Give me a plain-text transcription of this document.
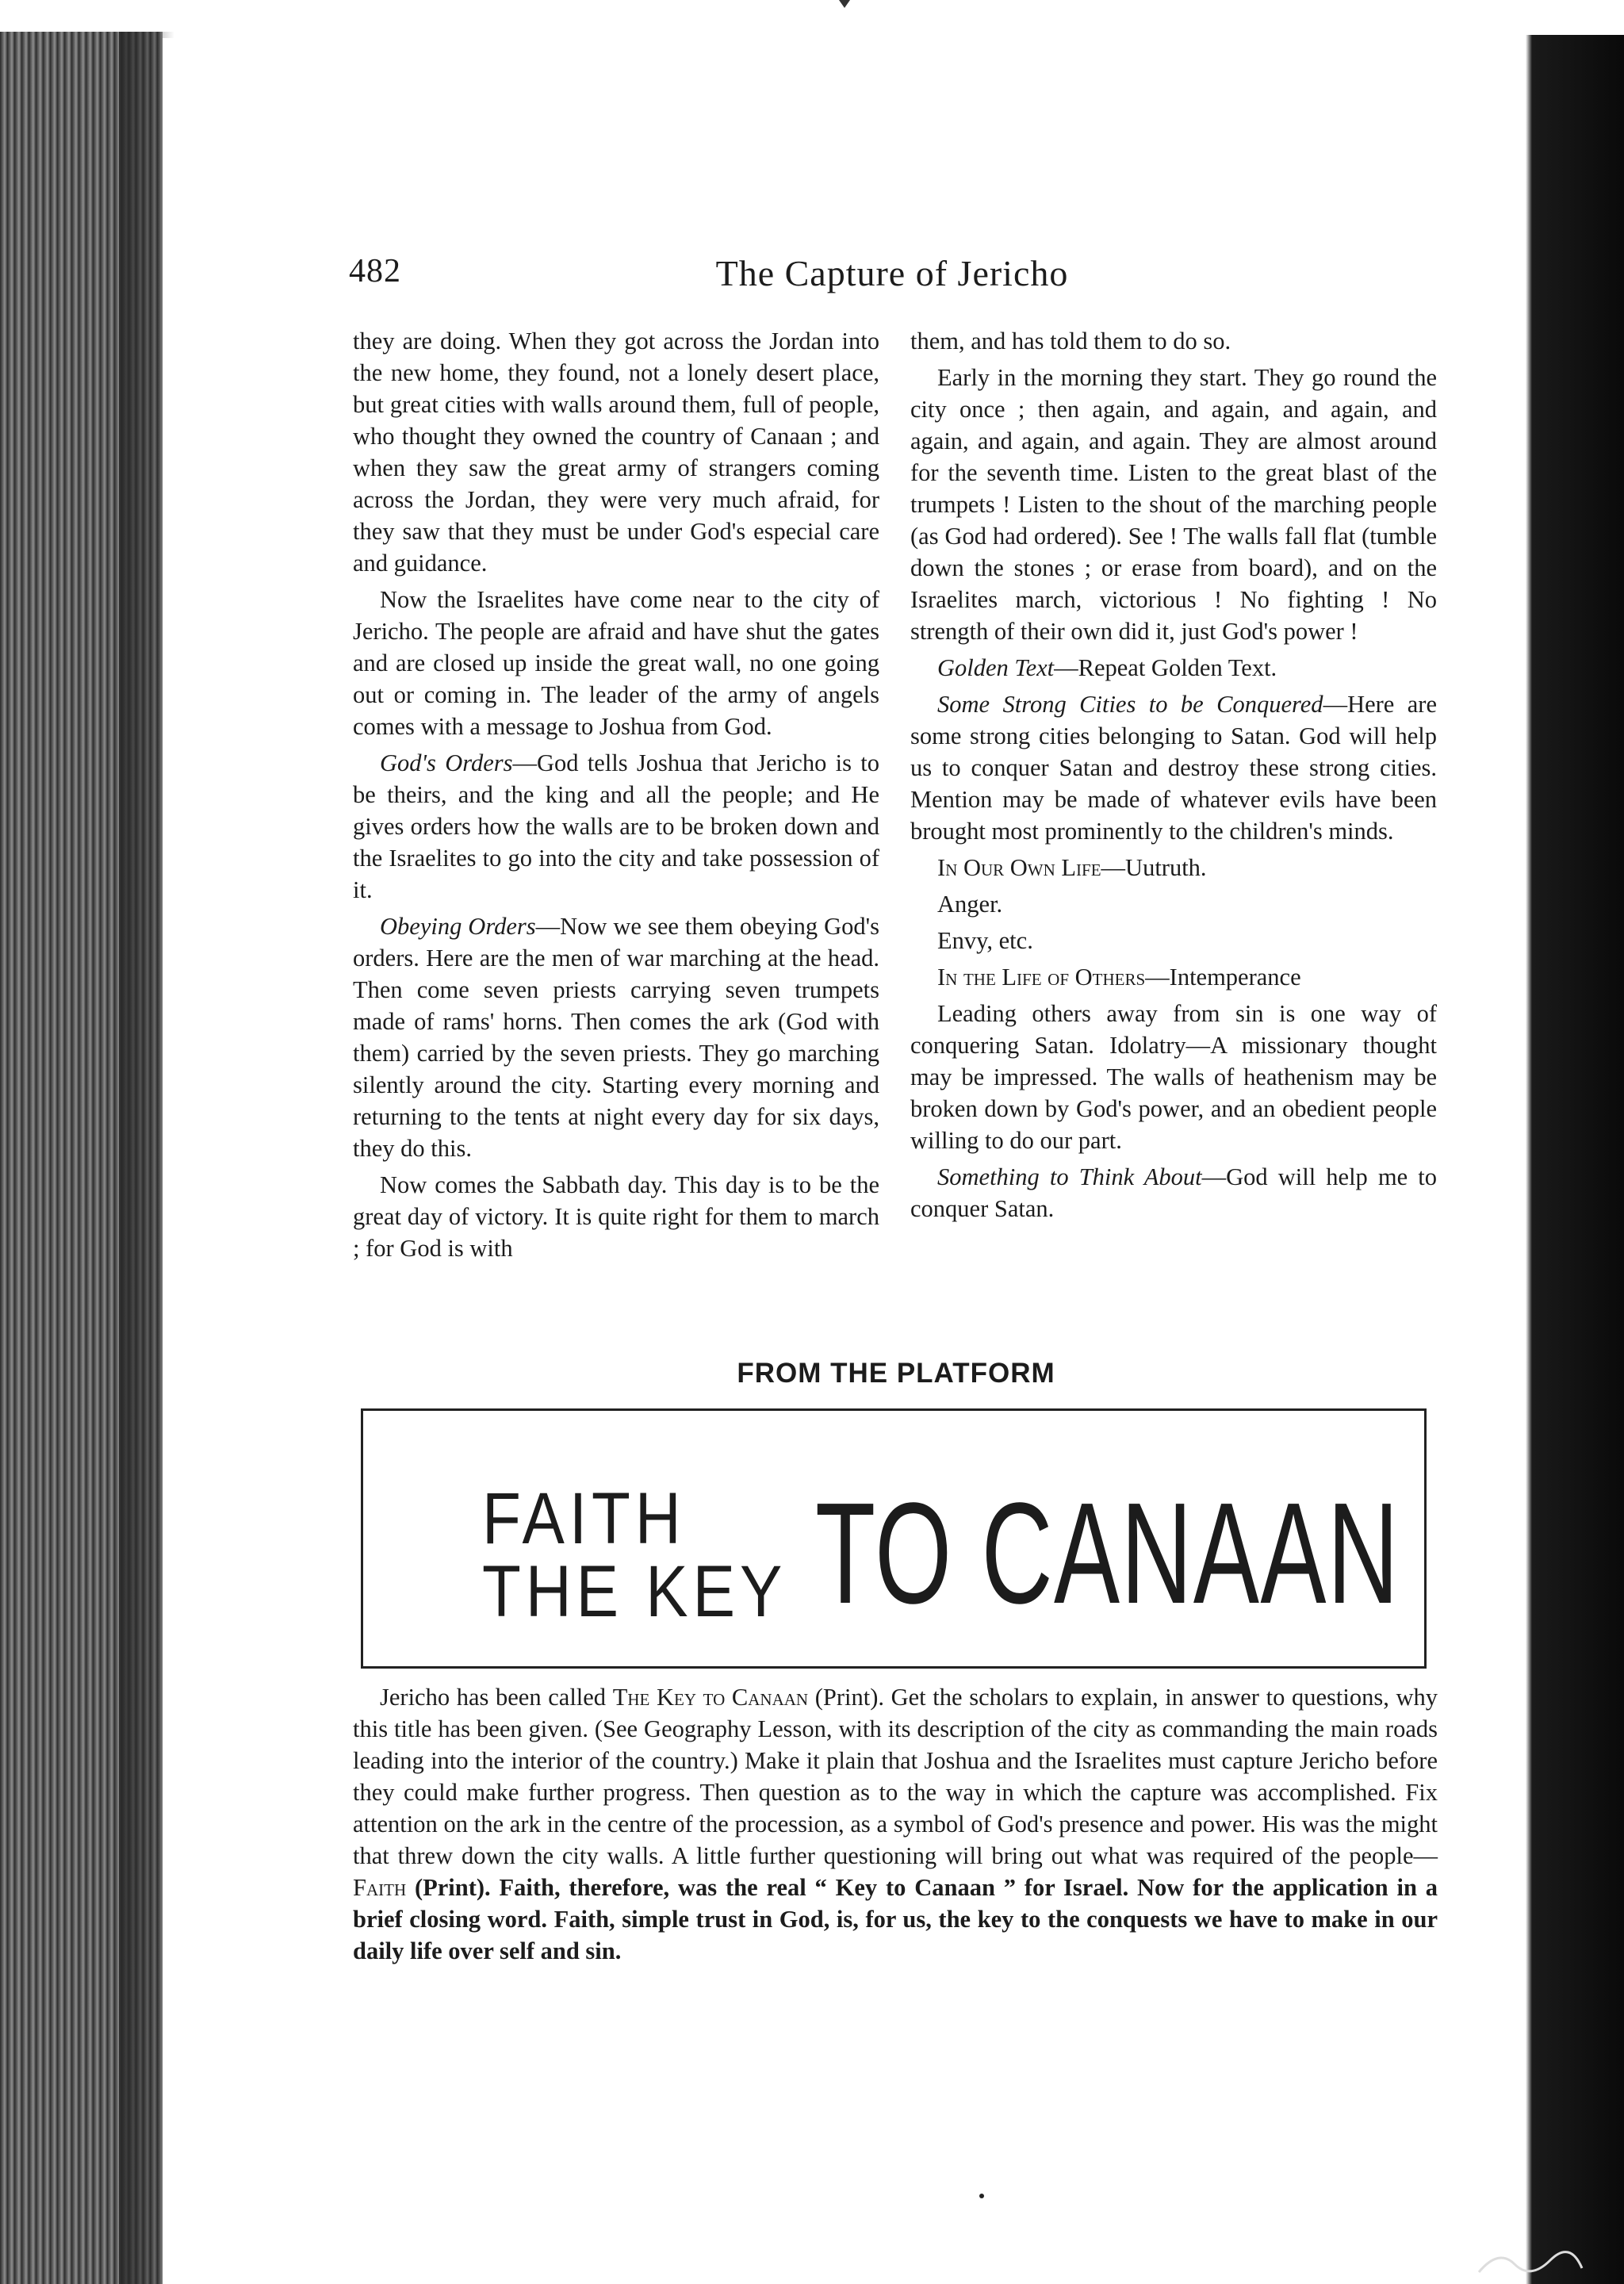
482	The Capture of Jericho

they are doing. When they got across the Jordan into the new home, they found, not a lonely desert place, but great cities with walls around them, full of people, who thought they owned the country of Canaan ; and when they saw the great army of strangers coming across the Jordan, they were very much afraid, for they saw that they must be under God's especial care and guidance.

Now the Israelites have come near to the city of Jericho. The people are afraid and have shut the gates and are closed up inside the great wall, no one going out or coming in. The leader of the army of angels comes with a message to Joshua from God.

God's Orders—God tells Joshua that Jericho is to be theirs, and the king and all the people; and He gives orders how the walls are to be broken down and the Israelites to go into the city and take possession of it.

Obeying Orders—Now we see them obeying God's orders. Here are the men of war marching at the head. Then come seven priests carrying seven trumpets made of rams' horns. Then comes the ark (God with them) carried by the seven priests. They go marching silently around the city. Starting every morning and returning to the tents at night every day for six days, they do this.

Now comes the Sabbath day. This day is to be the great day of victory. It is quite right for them to march ; for God is with

them, and has told them to do so.

Early in the morning they start. They go round the city once ; then again, and again, and again, and again, and again, and again. They are almost around for the seventh time. Listen to the great blast of the trumpets ! Listen to the shout of the marching people (as God had ordered). See ! The walls fall flat (tumble down the stones ; or erase from board), and on the Israelites march, victorious ! No fighting ! No strength of their own did it, just God's power !

Golden Text—Repeat Golden Text.

Some Strong Cities to be Conquered—Here are some strong cities belonging to Satan. God will help us to conquer Satan and destroy these strong cities. Mention may be made of whatever evils have been brought most prominently to the children's minds.

In Our Own Life—Uutruth.

Anger.

Envy, etc.

In the Life of Others—Intemperance

Leading others away from sin is one way of conquering Satan. Idolatry—A missionary thought may be impressed. The walls of heathenism may be broken down by God's power, and an obedient people willing to do our part.

Something to Think About—God will help me to conquer Satan.

FROM THE PLATFORM
FAITH
THE KEY TO CANAAN

Jericho has been called The Key to Canaan (Print). Get the scholars to explain, in answer to questions, why this title has been given. (See Geography Lesson, with its description of the city as commanding the main roads leading into the interior of the country.) Make it plain that Joshua and the Israelites must capture Jericho before they could make further progress. Then question as to the way in which the capture was accomplished. Fix attention on the ark in the centre of the procession, as a symbol of God's presence and power. His was the might that threw down the city walls. A little further questioning will bring out what was required of the people—Faith (Print). Faith, therefore, was the real “ Key to Canaan ” for Israel. Now for the application in a brief closing word. Faith, simple trust in God, is, for us, the key to the conquests we have to make in our daily life over self and sin.
